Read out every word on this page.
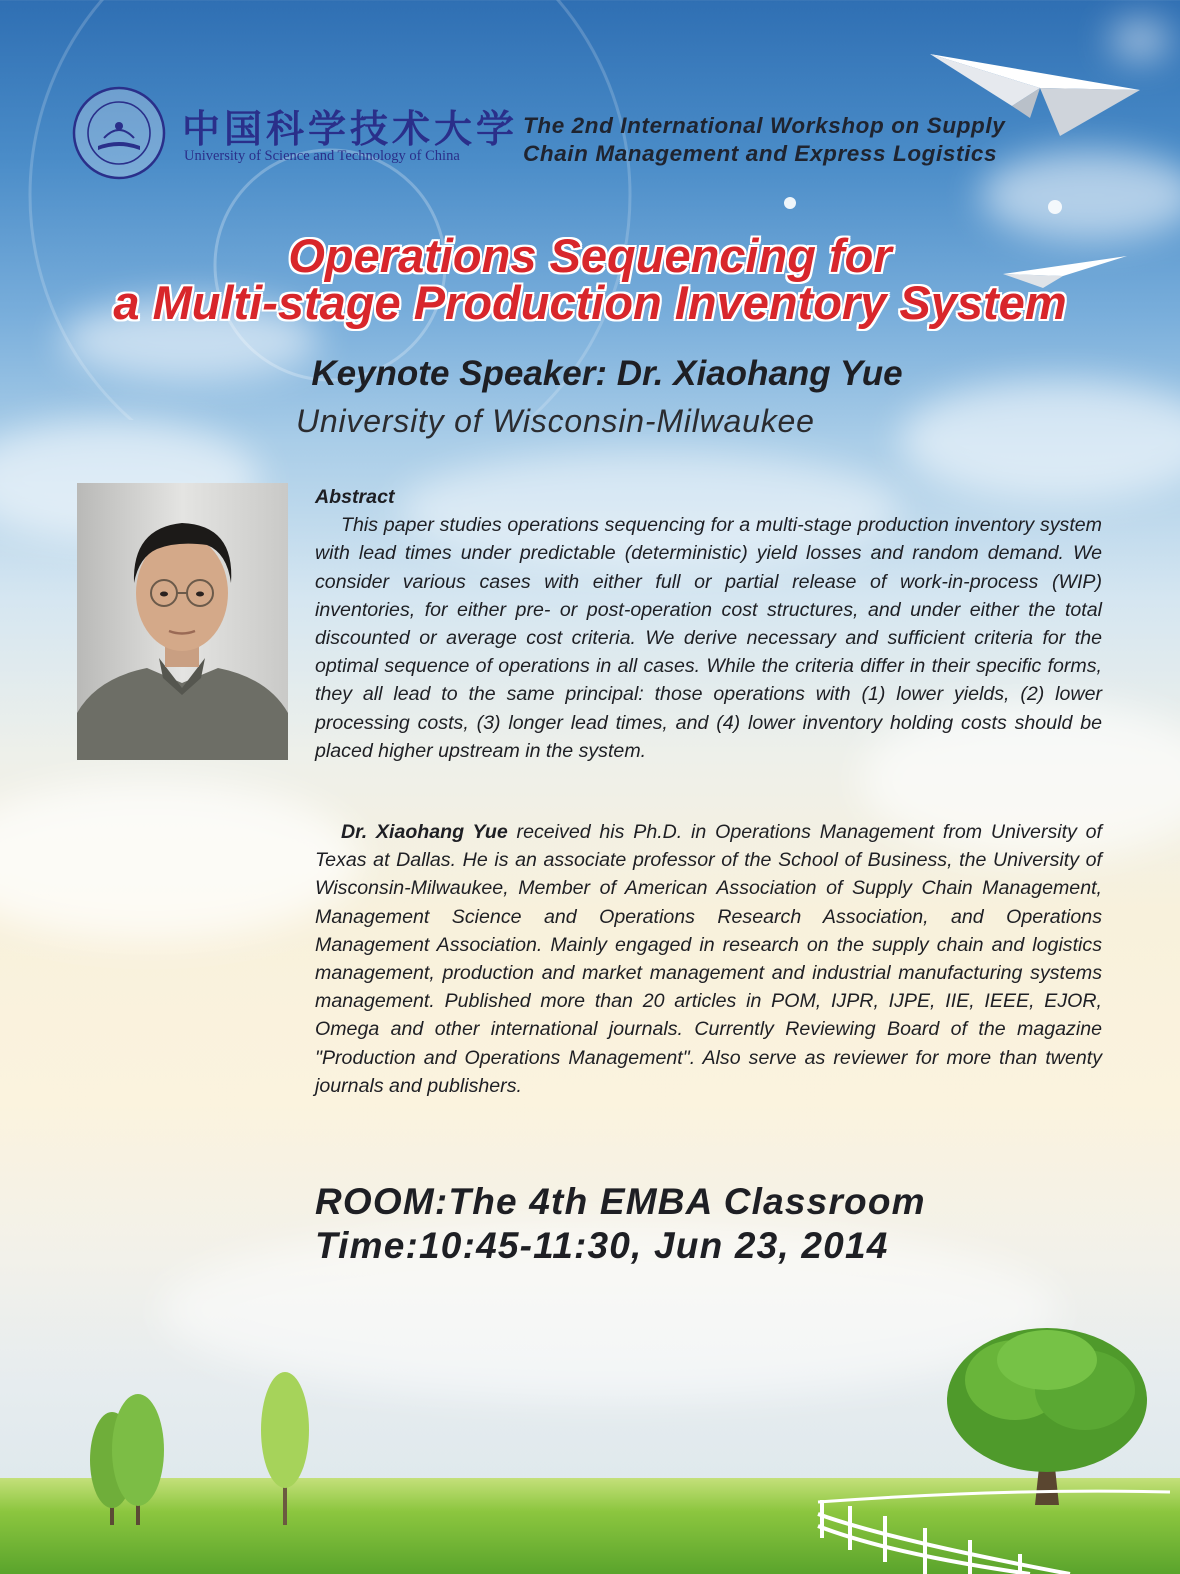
中国科学技术大学
University of Science and Technology of China
The 2nd International Workshop on Supply
Chain Management and Express Logistics
Operations Sequencing for
a Multi-stage Production Inventory System
Keynote Speaker: Dr. Xiaohang Yue
University of Wisconsin-Milwaukee
Abstract
This paper studies operations sequencing for a multi-stage production inventory system with lead times under predictable (deterministic) yield losses and random demand. We consider various cases with either full or partial release of work-in-process (WIP) inventories, for either pre- or post-operation cost structures, and under either the total discounted or average cost criteria. We derive necessary and sufficient criteria for the optimal sequence of operations in all cases. While the criteria differ in their specific forms, they all lead to the same principal: those operations with (1) lower yields, (2) lower processing costs, (3) longer lead times, and (4) lower inventory holding costs should be placed higher upstream in the system.
Dr. Xiaohang Yue received his Ph.D. in Operations Management from University of Texas at Dallas. He is an associate professor of the School of Business, the University of Wisconsin-Milwaukee, Member of American Association of Supply Chain Management, Management Science and Operations Research Association, and Operations Management Association. Mainly engaged in research on the supply chain and logistics management, production and market management and industrial manufacturing systems management. Published more than 20 articles in POM, IJPR, IJPE, IIE, IEEE, EJOR, Omega and other international journals. Currently Reviewing Board of the magazine "Production and Operations Management". Also serve as reviewer for more than twenty journals and publishers.
ROOM:The 4th EMBA Classroom
Time:10:45-11:30, Jun 23, 2014
